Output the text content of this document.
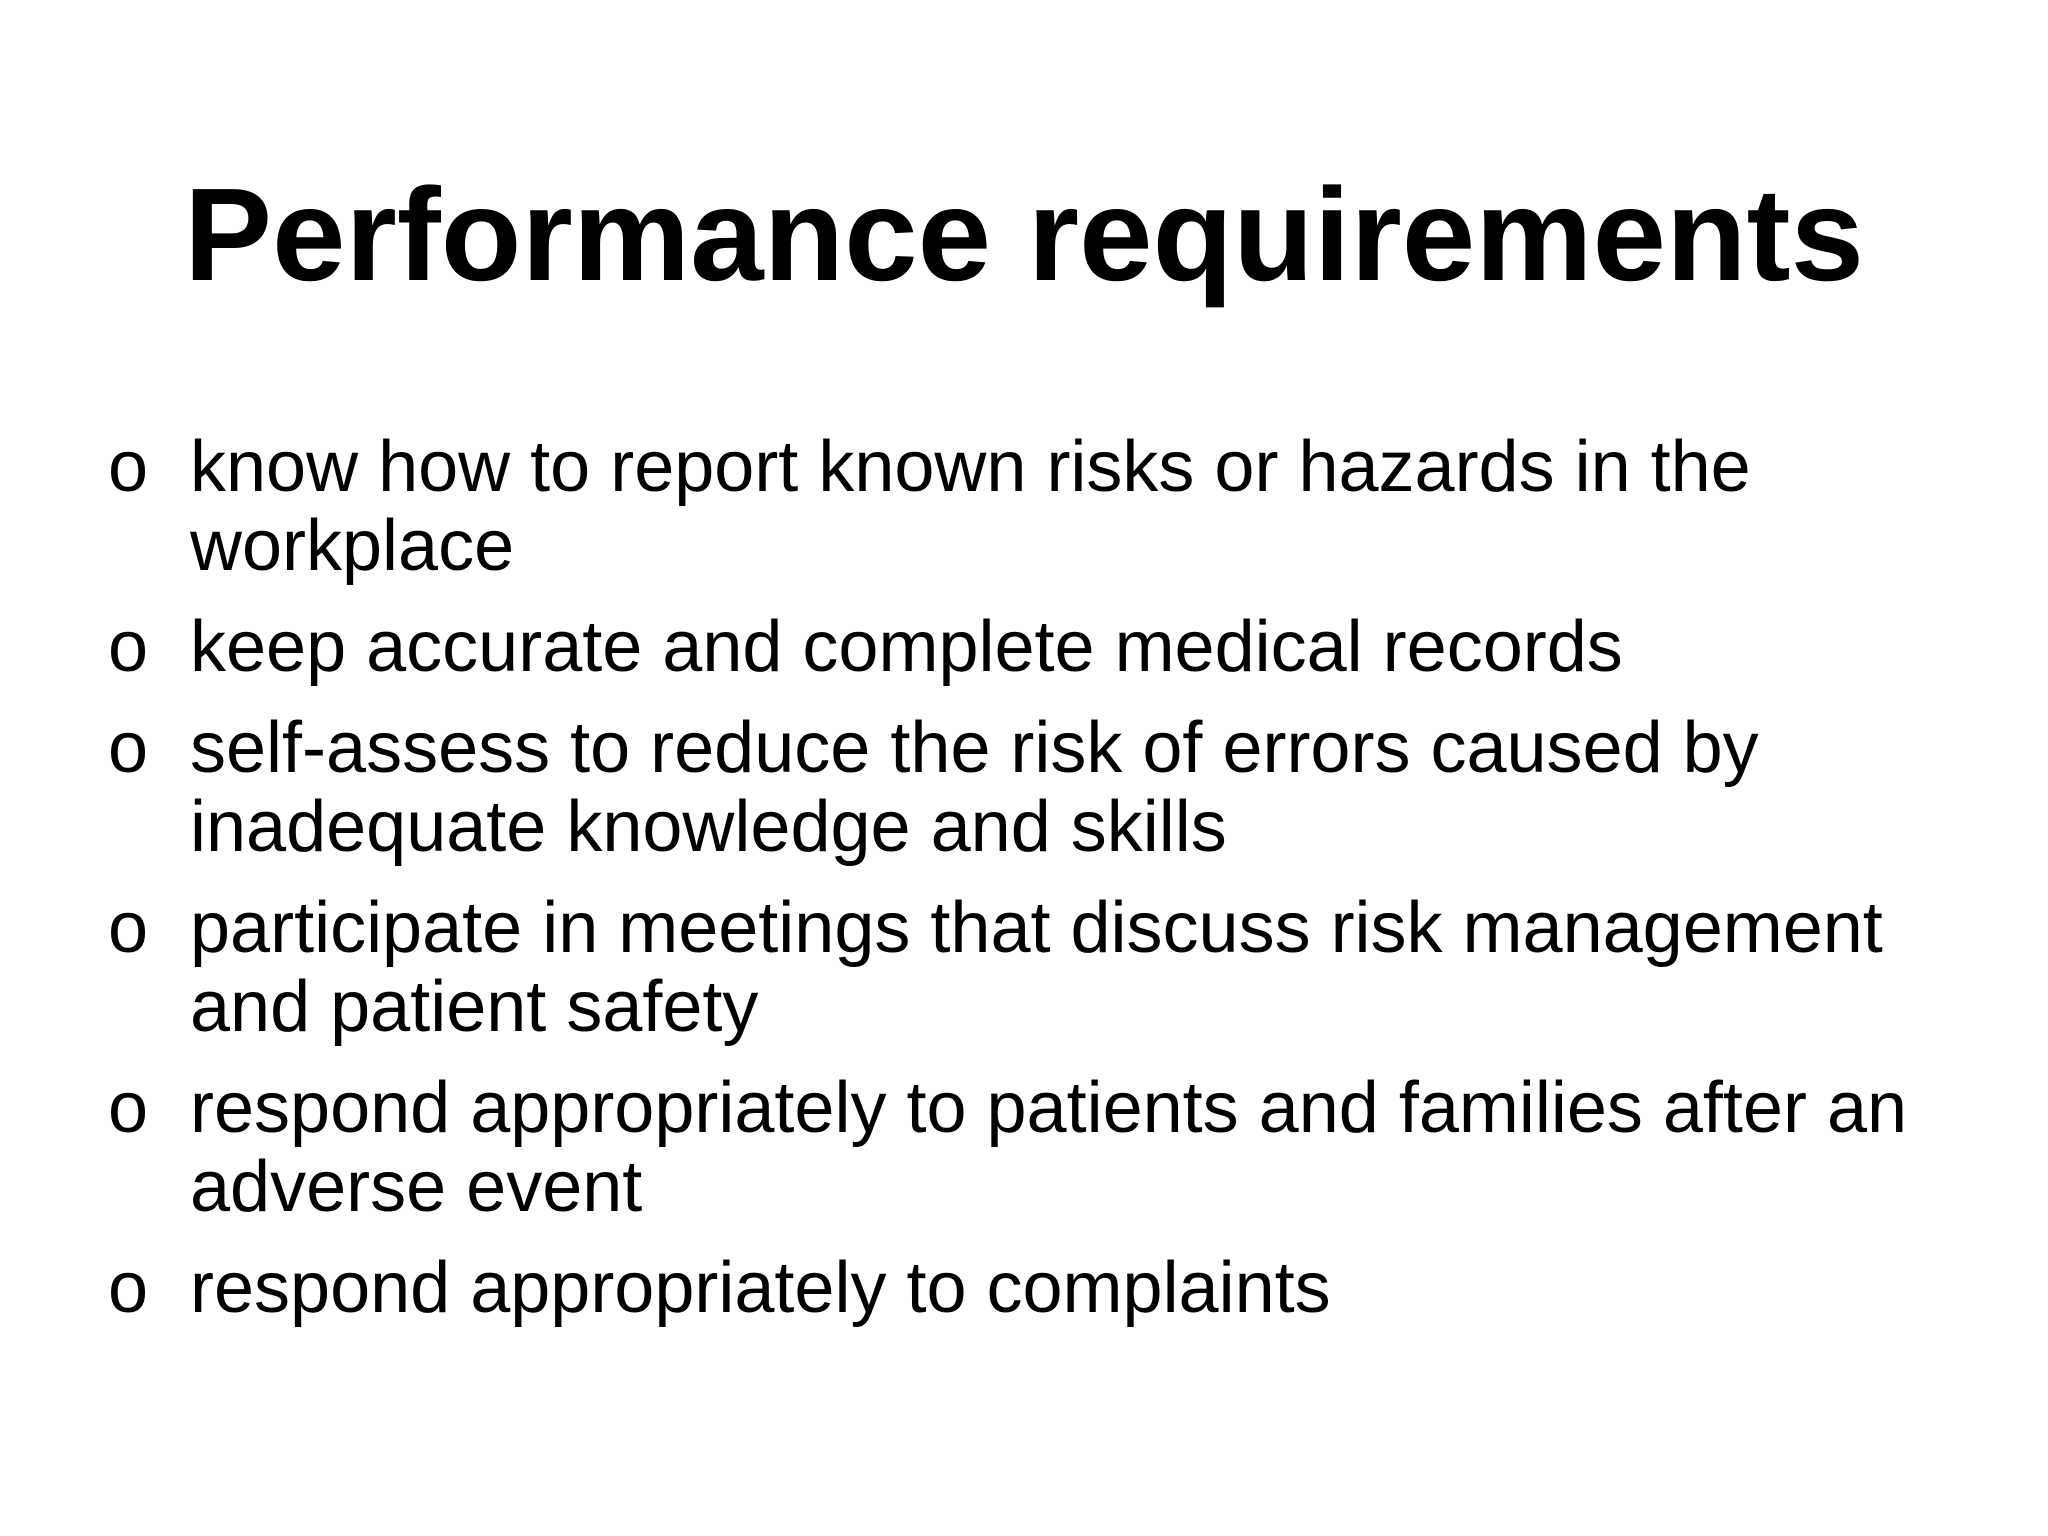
Performance requirements
o know how to report known risks or hazards in the workplace
o keep accurate and complete medical records
o self-assess to reduce the risk of errors caused by inadequate knowledge and skills
o participate in meetings that discuss risk management and patient safety
o respond appropriately to patients and families after an adverse event
o respond appropriately to complaints
